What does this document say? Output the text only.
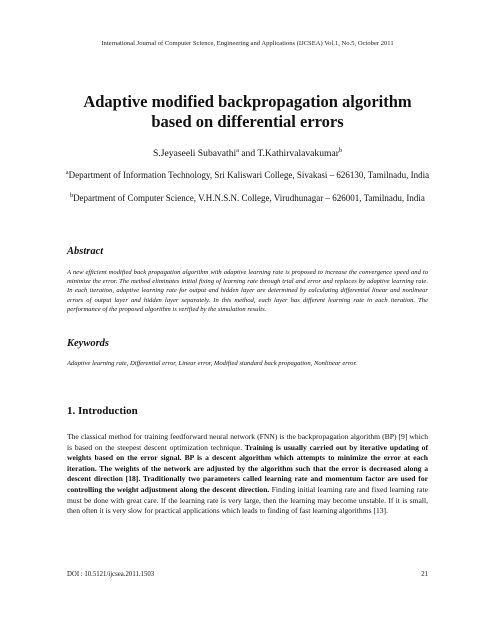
International Journal of Computer Science, Engineering and Applications (IJCSEA) Vol.1, No.5, October 2011
Adaptive modified backpropagation algorithm
based on differential errors
S.Jeyaseeli Subavathi$^a$ and T.Kathirvalavakumar$^b$
$^a$Department of Information Technology, Sri Kaliswari College, Sivakasi – 626130, Tamilnadu, India
$^b$Department of Computer Science, V.H.N.S.N. College, Virudhunagar – 626001, Tamilnadu, India
Abstract
A new efficient modified back propagation algorithm with adaptive learning rate is proposed to increase the convergence speed and to minimize the error. The method eliminates initial fixing of learning rate through trial and error and replaces by adaptive learning rate. In each iteration, adaptive learning rate for output and hidden layer are determined by calculating differential linear and nonlinear errors of output layer and hidden layer separately. In this method, each layer has different learning rate in each iteration. The performance of the proposed algorithm is verified by the simulation results.
Keywords
Adaptive learning rate, Differential error, Linear error, Modified standard back propagation, Nonlinear error.
1. Introduction
The classical method for training feedforward neural network (FNN) is the backpropagation algorithm (BP) [9] which is based on the steepest descent optimization technique. Training is usually carried out by iterative updating of weights based on the error signal. BP is a descent algorithm which attempts to minimize the error at each iteration. The weights of the network are adjusted by the algorithm such that the error is decreased along a descent direction [18]. Traditionally two parameters called learning rate and momentum factor are used for controlling the weight adjustment along the descent direction. Finding initial learning rate and fixed learning rate must be done with great care. If the learning rate is very large, then the learning may become unstable. If it is small, then often it is very slow for practical applications which leads to finding of fast learning algorithms [13].
DOI : 10.5121/ijcsea.2011.1503	21
